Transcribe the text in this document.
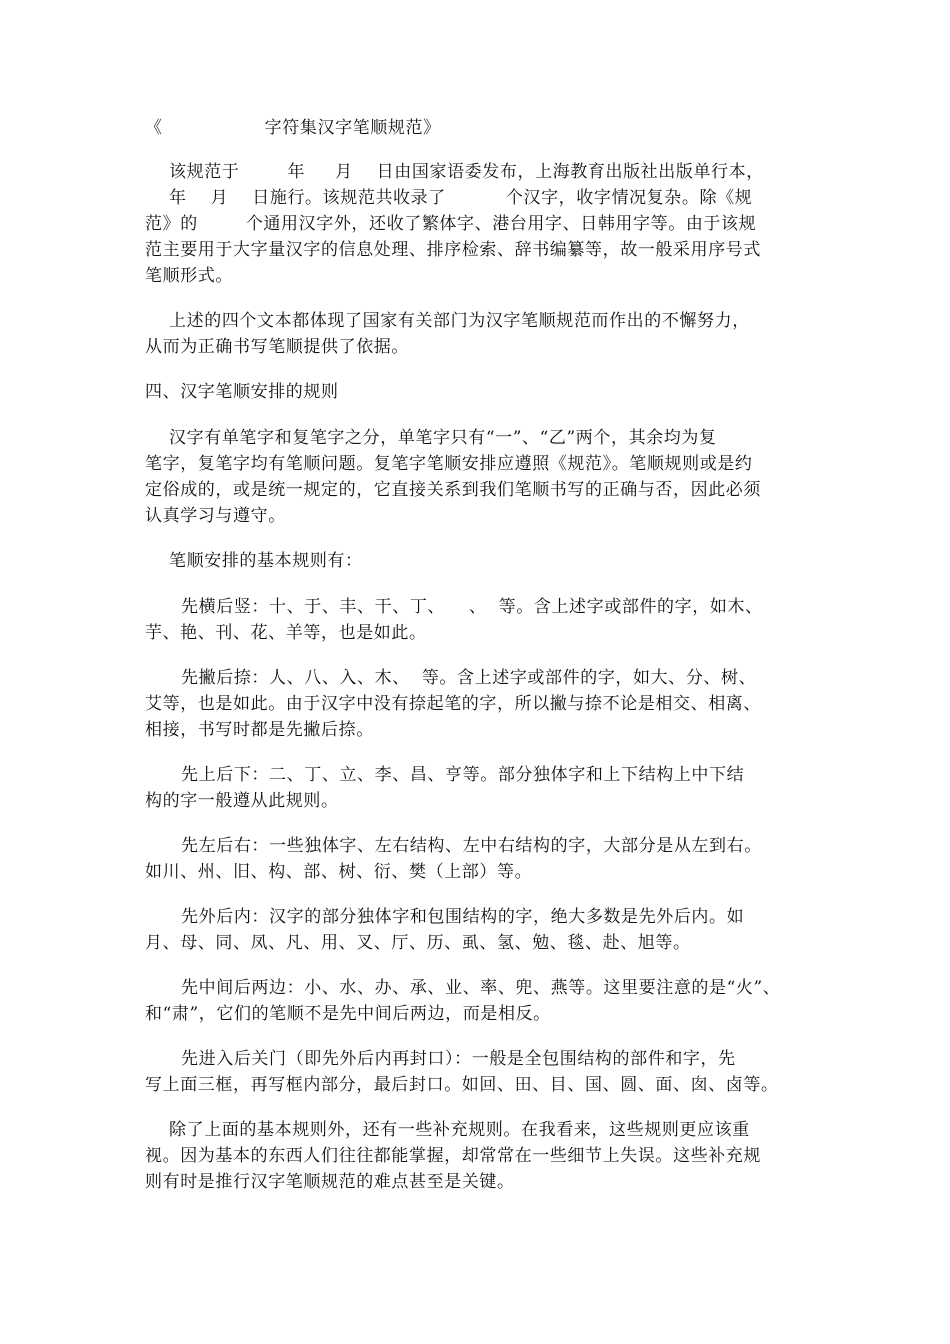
《                 字符集汉字笔顺规范》
该规范于        年     月    日由国家语委发布，上海教育出版社出版单行本，
年    月    日施行。该规范共收录了          个汉字，收字情况复杂。除《规
范》的        个通用汉字外，还收了繁体字、港台用字、日韩用字等。由于该规
范主要用于大字量汉字的信息处理、排序检索、辞书编纂等，故一般采用序号式
笔顺形式。
上述的四个文本都体现了国家有关部门为汉字笔顺规范而作出的不懈努力，
从而为正确书写笔顺提供了依据。
四、汉字笔顺安排的规则
汉字有单笔字和复笔字之分，单笔字只有“一”、“乙”两个，其余均为复
笔字，复笔字均有笔顺问题。复笔字笔顺安排应遵照《规范》。笔顺规则或是约
定俗成的，或是统一规定的，它直接关系到我们笔顺书写的正确与否，因此必须
认真学习与遵守。
笔顺安排的基本规则有：
先横后竖：十、于、丰、干、丁、    、  等。含上述字或部件的字，如木、
芋、艳、刊、花、羊等，也是如此。
先撇后捺：人、八、入、木、  等。含上述字或部件的字，如大、分、树、
艾等，也是如此。由于汉字中没有捺起笔的字，所以撇与捺不论是相交、相离、
相接，书写时都是先撇后捺。
先上后下：二、丁、立、李、昌、亨等。部分独体字和上下结构上中下结
构的字一般遵从此规则。
先左后右：一些独体字、左右结构、左中右结构的字，大部分是从左到右。
如川、州、旧、构、部、树、衍、樊（上部）等。
先外后内：汉字的部分独体字和包围结构的字，绝大多数是先外后内。如
月、母、同、凤、凡、用、叉、厅、历、虱、氢、勉、毯、赴、旭等。
先中间后两边：小、水、办、承、业、率、兜、燕等。这里要注意的是“火”、
和“肃”，它们的笔顺不是先中间后两边，而是相反。
先进入后关门（即先外后内再封口）：一般是全包围结构的部件和字，先
写上面三框，再写框内部分，最后封口。如回、田、目、国、圆、面、囱、卤等。
除了上面的基本规则外，还有一些补充规则。在我看来，这些规则更应该重
视。因为基本的东西人们往往都能掌握，却常常在一些细节上失误。这些补充规
则有时是推行汉字笔顺规范的难点甚至是关键。
